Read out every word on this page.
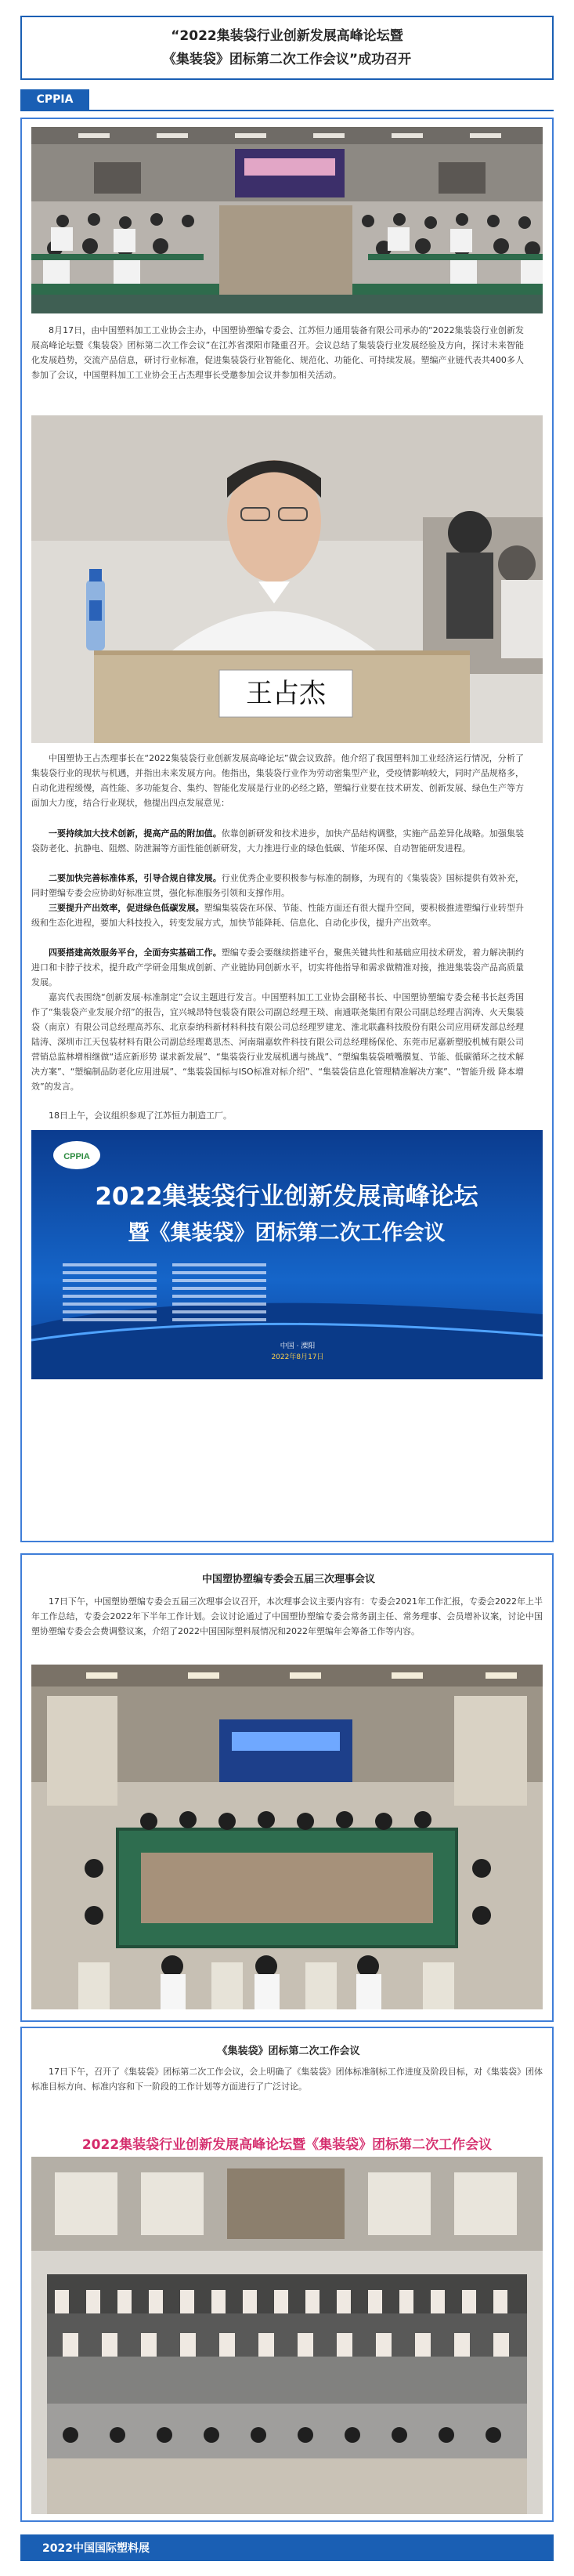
“2022集装袋行业创新发展高峰论坛暨
《集装袋》团标第二次工作会议”成功召开
CPPIA

8月17日，由中国塑料加工工业协会主办，中国塑协塑编专委会、江苏恒力通用装备有限公司承办的“2022集装袋行业创新发展高峰论坛暨《集装袋》团标第二次工作会议”在江苏省溧阳市隆重召开。会议总结了集装袋行业发展经验及方向，探讨未来智能化发展趋势，交流产品信息，研讨行业标准，促进集装袋行业智能化、规范化、功能化、可持续发展。塑编产业链代表共400多人参加了会议，中国塑料加工工业协会王占杰理事长受邀参加会议并参加相关活动。

王占杰

中国塑协王占杰理事长在“2022集装袋行业创新发展高峰论坛”做会议致辞。他介绍了我国塑料加工业经济运行情况，分析了集装袋行业的现状与机遇，并指出未来发展方向。他指出，集装袋行业作为劳动密集型产业，受疫情影响较大，同时产品规格多，自动化进程缓慢，高性能、多功能复合、集约、智能化发展是行业的必经之路，塑编行业要在技术研发、创新发展、绿色生产等方面加大力度，结合行业现状，他提出四点发展意见：

一要持续加大技术创新，提高产品的附加值。依靠创新研发和技术进步，加快产品结构调整，实施产品差异化战略。加强集装袋防老化、抗静电、阻燃、防泄漏等方面性能创新研发，大力推进行业的绿色低碳、节能环保、自动智能研发进程。

二要加快完善标准体系，引导合规自律发展。行业优秀企业要积极参与标准的制修，为现有的《集装袋》国标提供有效补充，同时塑编专委会应协助好标准宣贯，强化标准服务引领和支撑作用。

三要提升产出效率，促进绿色低碳发展。塑编集装袋在环保、节能、性能方面还有很大提升空间，要积极推进塑编行业转型升级和生态化进程，要加大科技投入，转变发展方式，加快节能降耗、信息化、自动化步伐，提升产出效率。

四要搭建高效服务平台，全面夯实基础工作。塑编专委会要继续搭建平台，聚焦关键共性和基础应用技术研发，着力解决制约进口和卡脖子技术，提升政产学研金用集成创新、产业链协同创新水平，切实将他指导和需求做精准对接，推进集装袋产品高质量发展。

嘉宾代表围绕“创新发展·标准制定”会议主题进行发言。中国塑料加工工业协会副秘书长、中国塑协塑编专委会秘书长赵秀国作了“集装袋产业发展介绍”的报告，宜兴城昂特包装袋有限公司副总经理王琰、南通联尧集团有限公司副总经理吉润涛、火天集装袋（南京）有限公司总经理高苏东、北京泰纳科新材料科技有限公司总经理罗建龙、淮北联鑫科技股份有限公司应用研发部总经理陆涛、深圳市江天包装材料有限公司副总经理葛思杰、河南瑞嘉软件科技有限公司总经理杨保伦、东莞市尼嘉新塑胶机械有限公司营销总监林增相继做“适应新形势 谋求新发展”、“集装袋行业发展机遇与挑战”、“塑编集装袋喷嘴膜复、节能、低碳循环之技术解决方案”、“塑编制品防老化应用进展”、“集装袋国标与ISO标准对标介绍”、“集装袋信息化管理精准解决方案”、“智能升级 降本增效”的发言。

18日上午，会议组织参观了江苏恒力制造工厂。

CPPIA
2022集装袋行业创新发展高峰论坛
暨《集装袋》团标第二次工作会议
中国 · 溧阳
2022年8月17日
中国塑协塑编专委会五届三次理事会议

17日下午，中国塑协塑编专委会五届三次理事会议召开，本次理事会议主要内容有：专委会2021年工作汇报，专委会2022年上半年工作总结，专委会2022年下半年工作计划。会议讨论通过了中国塑协塑编专委会常务副主任、常务理事、会员增补议案，讨论中国塑协塑编专委会会费调整议案，介绍了2022中国国际塑料展情况和2022年塑编年会筹备工作等内容。

《集装袋》团标第二次工作会议

17日下午，召开了《集装袋》团标第二次工作会议，会上明确了《集装袋》团体标准制标工作进度及阶段目标，对《集装袋》团体标准目标方向、标准内容和下一阶段的工作计划等方面进行了广泛讨论。

2022集装袋行业创新发展高峰论坛暨《集装袋》团标第二次工作会议
2022中国国际塑料展
